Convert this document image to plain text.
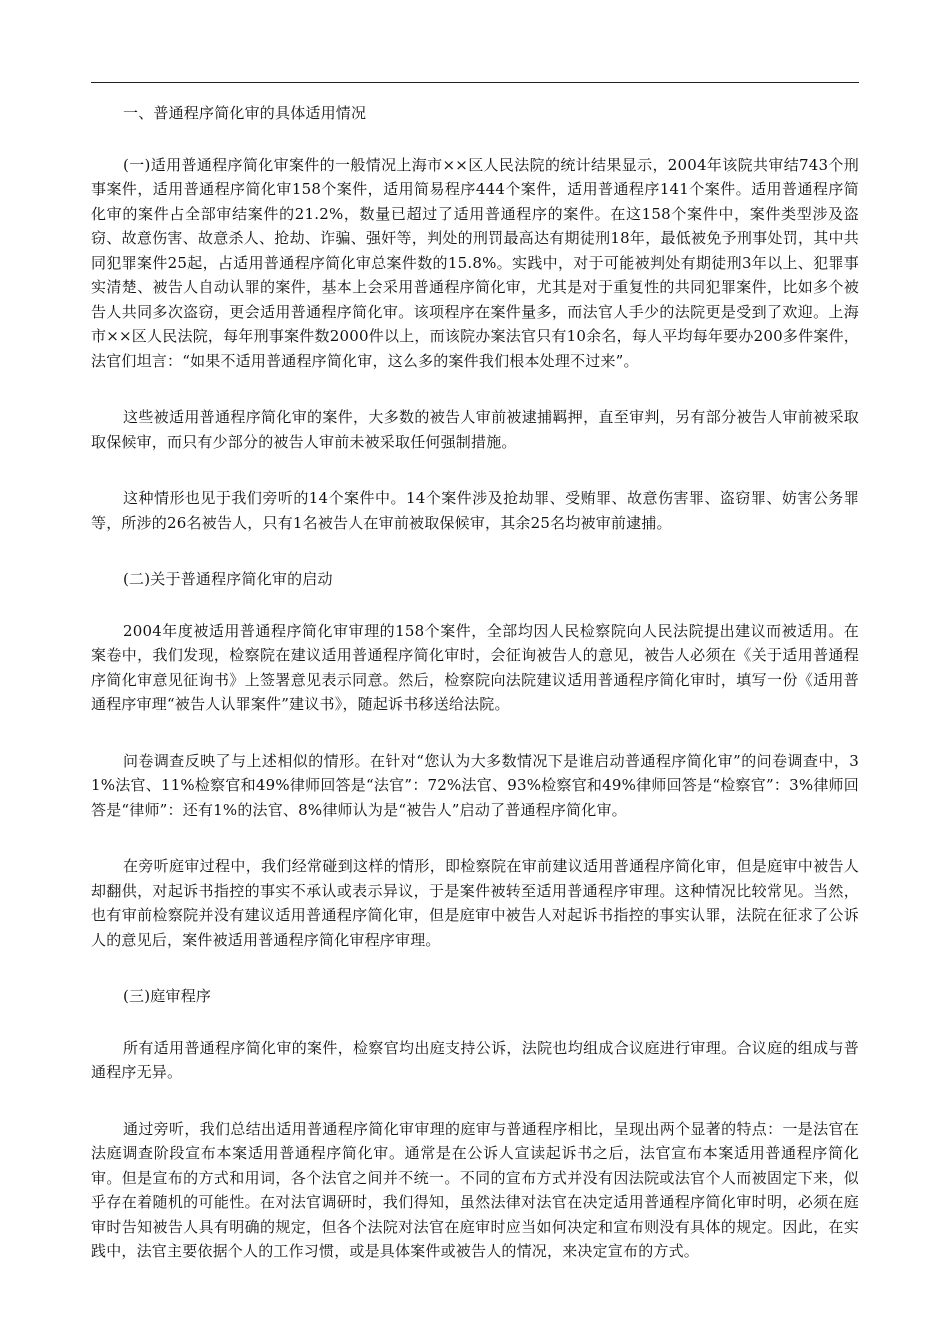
一、普通程序简化审的具体适用情况

(一)适用普通程序简化审案件的一般情况上海市××区人民法院的统计结果显示，2004年该院共审结743个刑事案件，适用普通程序简化审158个案件，适用简易程序444个案件，适用普通程序141个案件。适用普通程序简化审的案件占全部审结案件的21.2%，数量已超过了适用普通程序的案件。在这158个案件中，案件类型涉及盗窃、故意伤害、故意杀人、抢劫、诈骗、强奸等，判处的刑罚最高达有期徒刑18年，最低被免予刑事处罚，其中共同犯罪案件25起，占适用普通程序简化审总案件数的15.8%。实践中，对于可能被判处有期徒刑3年以上、犯罪事实清楚、被告人自动认罪的案件，基本上会采用普通程序简化审，尤其是对于重复性的共同犯罪案件，比如多个被告人共同多次盗窃，更会适用普通程序简化审。该项程序在案件量多，而法官人手少的法院更是受到了欢迎。上海市××区人民法院，每年刑事案件数2000件以上，而该院办案法官只有10余名，每人平均每年要办200多件案件，法官们坦言：“如果不适用普通程序简化审，这么多的案件我们根本处理不过来”。

这些被适用普通程序简化审的案件，大多数的被告人审前被逮捕羁押，直至审判，另有部分被告人审前被采取取保候审，而只有少部分的被告人审前未被采取任何强制措施。

这种情形也见于我们旁听的14个案件中。14个案件涉及抢劫罪、受贿罪、故意伤害罪、盗窃罪、妨害公务罪等，所涉的26名被告人，只有1名被告人在审前被取保候审，其余25名均被审前逮捕。

(二)关于普通程序简化审的启动

2004年度被适用普通程序简化审审理的158个案件，全部均因人民检察院向人民法院提出建议而被适用。在案卷中，我们发现，检察院在建议适用普通程序简化审时，会征询被告人的意见，被告人必须在《关于适用普通程序简化审意见征询书》上签署意见表示同意。然后，检察院向法院建议适用普通程序简化审时，填写一份《适用普通程序审理“被告人认罪案件”建议书》，随起诉书移送给法院。

问卷调查反映了与上述相似的情形。在针对“您认为大多数情况下是谁启动普通程序简化审”的问卷调查中，31%法官、11%检察官和49%律师回答是“法官”：72%法官、93%检察官和49%律师回答是“检察官”：3%律师回答是“律师”：还有1%的法官、8%律师认为是“被告人”启动了普通程序简化审。

在旁听庭审过程中，我们经常碰到这样的情形，即检察院在审前建议适用普通程序简化审，但是庭审中被告人却翻供，对起诉书指控的事实不承认或表示异议，于是案件被转至适用普通程序审理。这种情况比较常见。当然，也有审前检察院并没有建议适用普通程序简化审，但是庭审中被告人对起诉书指控的事实认罪，法院在征求了公诉人的意见后，案件被适用普通程序简化审程序审理。

(三)庭审程序

所有适用普通程序简化审的案件，检察官均出庭支持公诉，法院也均组成合议庭进行审理。合议庭的组成与普通程序无异。

通过旁听，我们总结出适用普通程序简化审审理的庭审与普通程序相比，呈现出两个显著的特点：一是法官在法庭调查阶段宣布本案适用普通程序简化审。通常是在公诉人宣读起诉书之后，法官宣布本案适用普通程序简化审。但是宣布的方式和用词，各个法官之间并不统一。不同的宣布方式并没有因法院或法官个人而被固定下来，似乎存在着随机的可能性。在对法官调研时，我们得知，虽然法律对法官在决定适用普通程序简化审时明，必须在庭审时告知被告人具有明确的规定，但各个法院对法官在庭审时应当如何决定和宣布则没有具体的规定。因此，在实践中，法官主要依据个人的工作习惯，或是具体案件或被告人的情况，来决定宣布的方式。
